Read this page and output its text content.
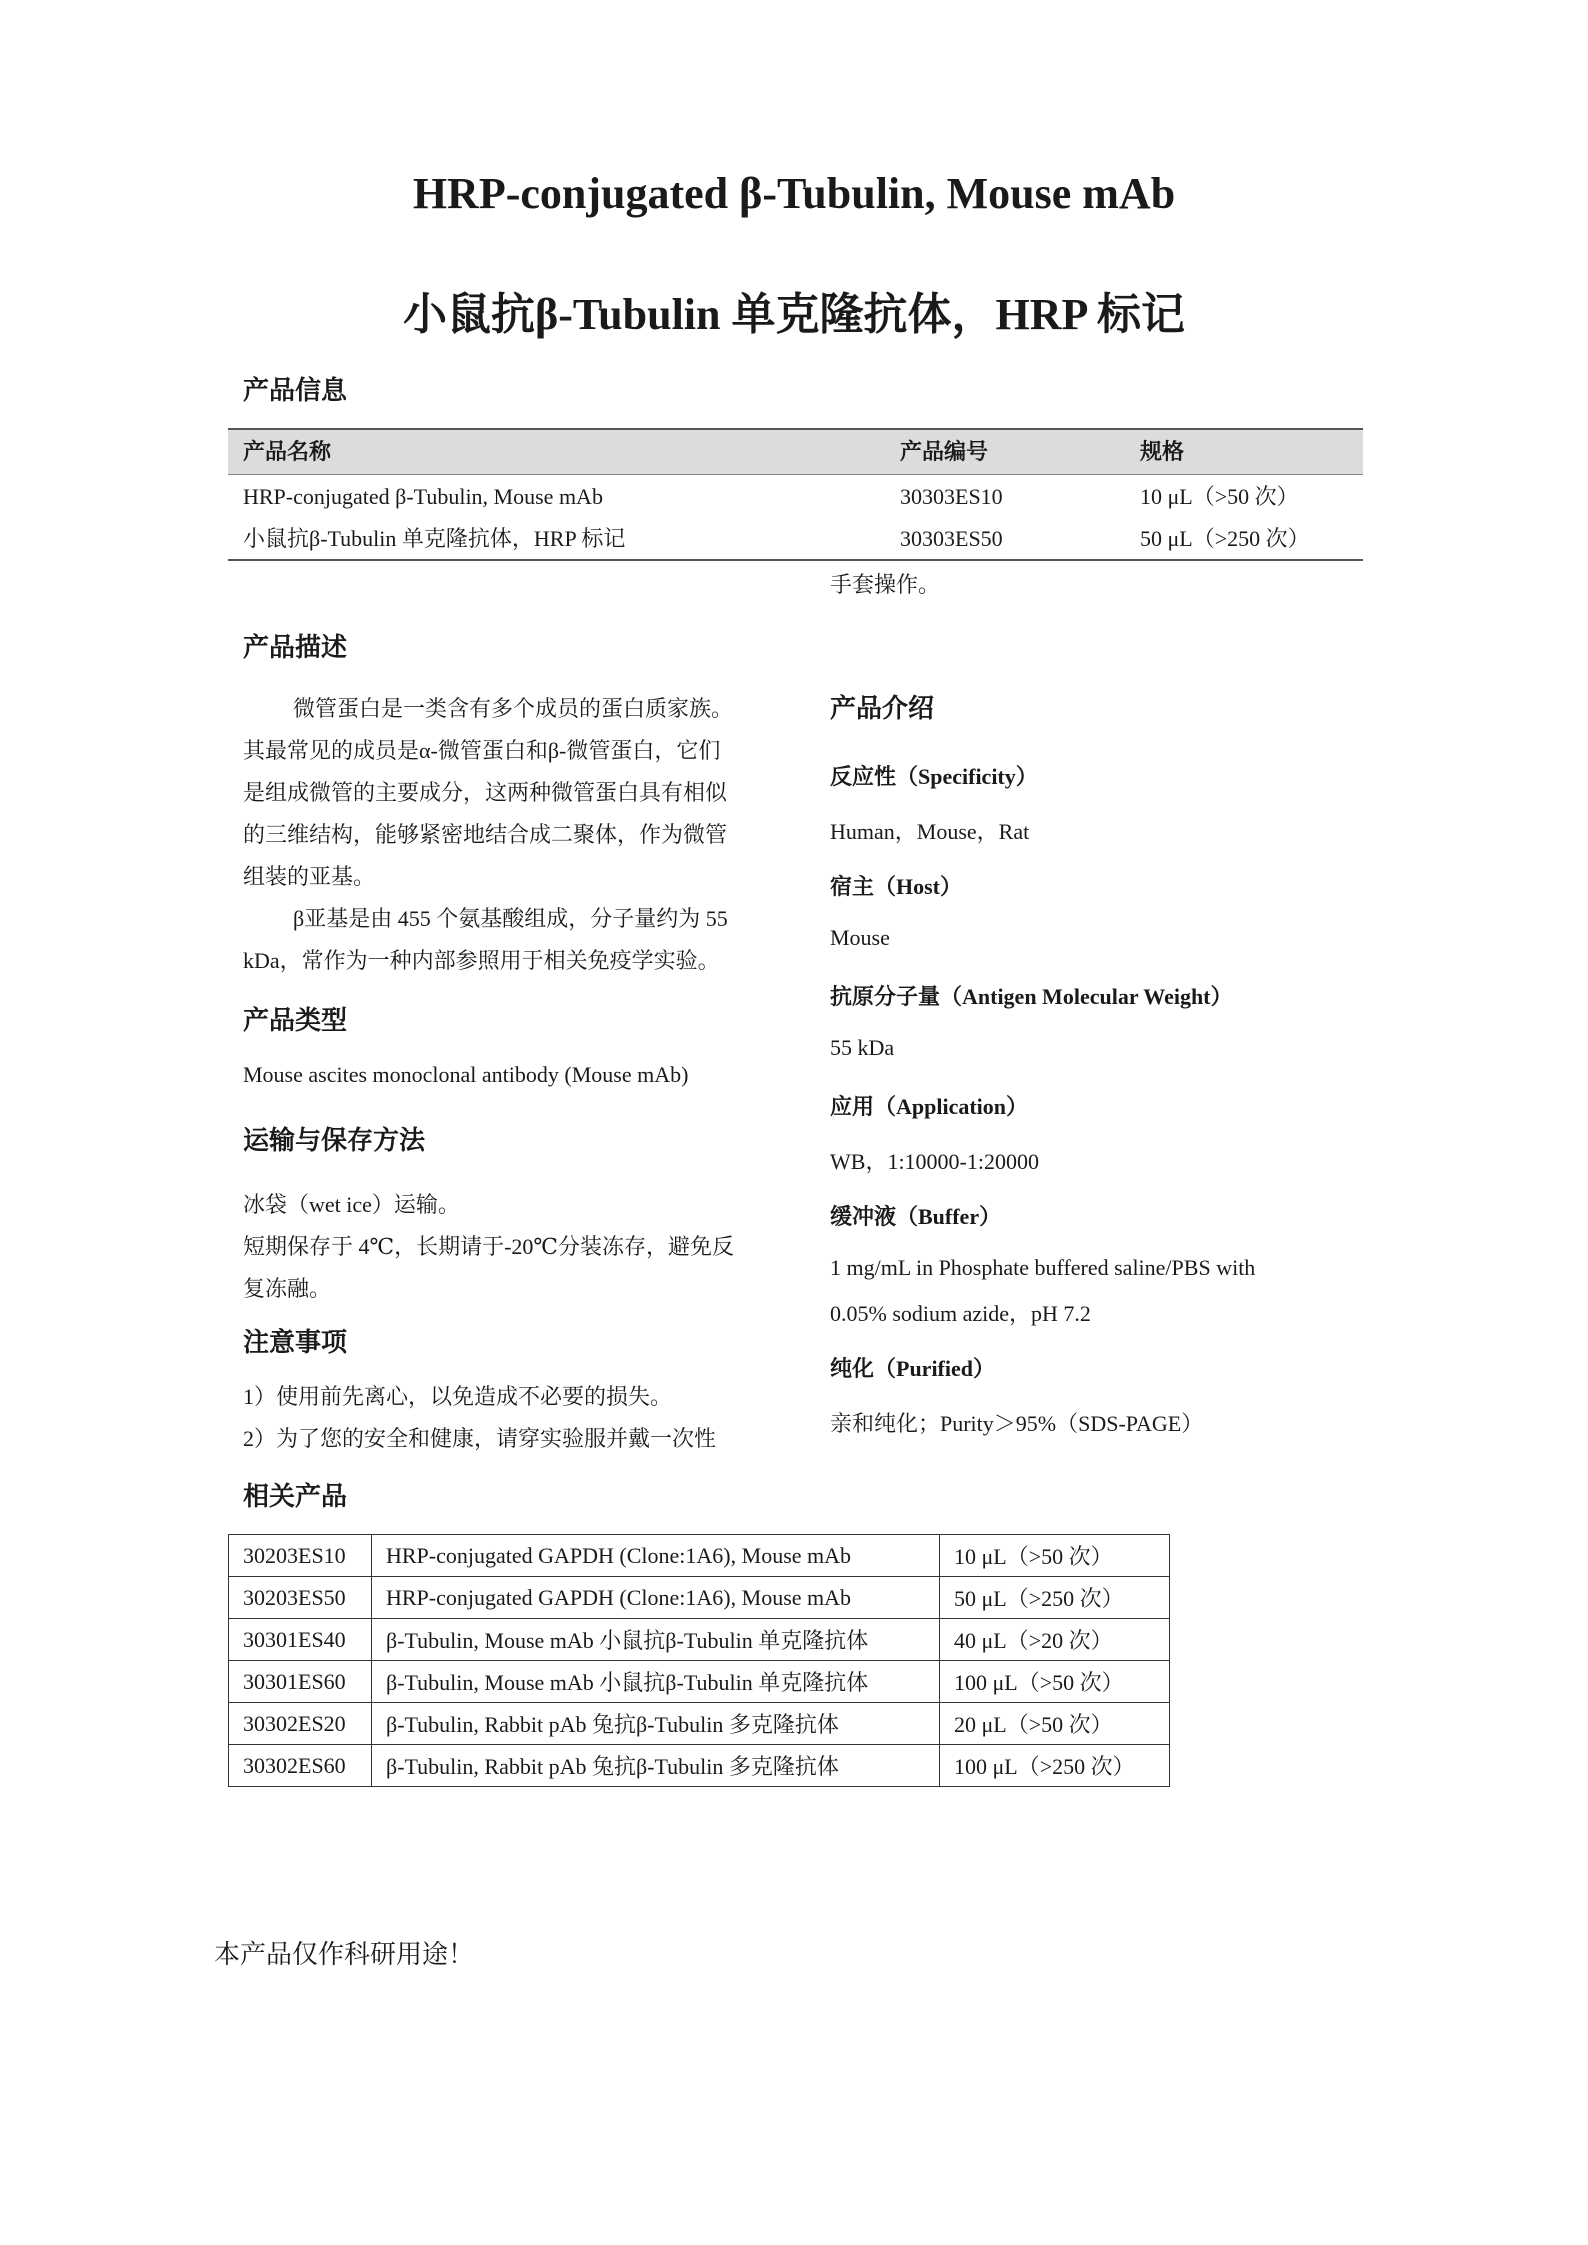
HRP-conjugated β-Tubulin, Mouse mAb
小鼠抗β-Tubulin 单克隆抗体，HRP 标记
产品信息
产品名称	产品编号	规格
HRP-conjugated β-Tubulin, Mouse mAb	30303ES10	10 μL（>50 次）
小鼠抗β-Tubulin 单克隆抗体，HRP 标记	30303ES50	50 μL（>250 次）
手套操作。
产品描述
微管蛋白是一类含有多个成员的蛋白质家族。
其最常见的成员是α-微管蛋白和β-微管蛋白，它们
是组成微管的主要成分，这两种微管蛋白具有相似
的三维结构，能够紧密地结合成二聚体，作为微管
组装的亚基。
β亚基是由 455 个氨基酸组成，分子量约为 55
kDa，常作为一种内部参照用于相关免疫学实验。
产品类型
Mouse ascites monoclonal antibody (Mouse mAb)
运输与保存方法
冰袋（wet ice）运输。
短期保存于 4℃，长期请于-20℃分装冻存，避免反
复冻融。
注意事项
1）使用前先离心，以免造成不必要的损失。
2）为了您的安全和健康，请穿实验服并戴一次性
产品介绍
反应性（Specificity）
Human，Mouse，Rat
宿主（Host）
Mouse
抗原分子量（Antigen Molecular Weight）
55 kDa
应用（Application）
WB，1:10000-1:20000
缓冲液（Buffer）
1 mg/mL in Phosphate buffered saline/PBS with
0.05% sodium azide，pH 7.2
纯化（Purified）
亲和纯化；Purity＞95%（SDS-PAGE）
相关产品
30203ES10	HRP-conjugated GAPDH (Clone:1A6), Mouse mAb	10 μL（>50 次）
30203ES50	HRP-conjugated GAPDH (Clone:1A6), Mouse mAb	50 μL（>250 次）
30301ES40	β-Tubulin, Mouse mAb 小鼠抗β-Tubulin 单克隆抗体	40 μL（>20 次）
30301ES60	β-Tubulin, Mouse mAb 小鼠抗β-Tubulin 单克隆抗体	100 μL（>50 次）
30302ES20	β-Tubulin, Rabbit pAb 兔抗β-Tubulin 多克隆抗体	20 μL（>50 次）
30302ES60	β-Tubulin, Rabbit pAb 兔抗β-Tubulin 多克隆抗体	100 μL（>250 次）
本产品仅作科研用途！
